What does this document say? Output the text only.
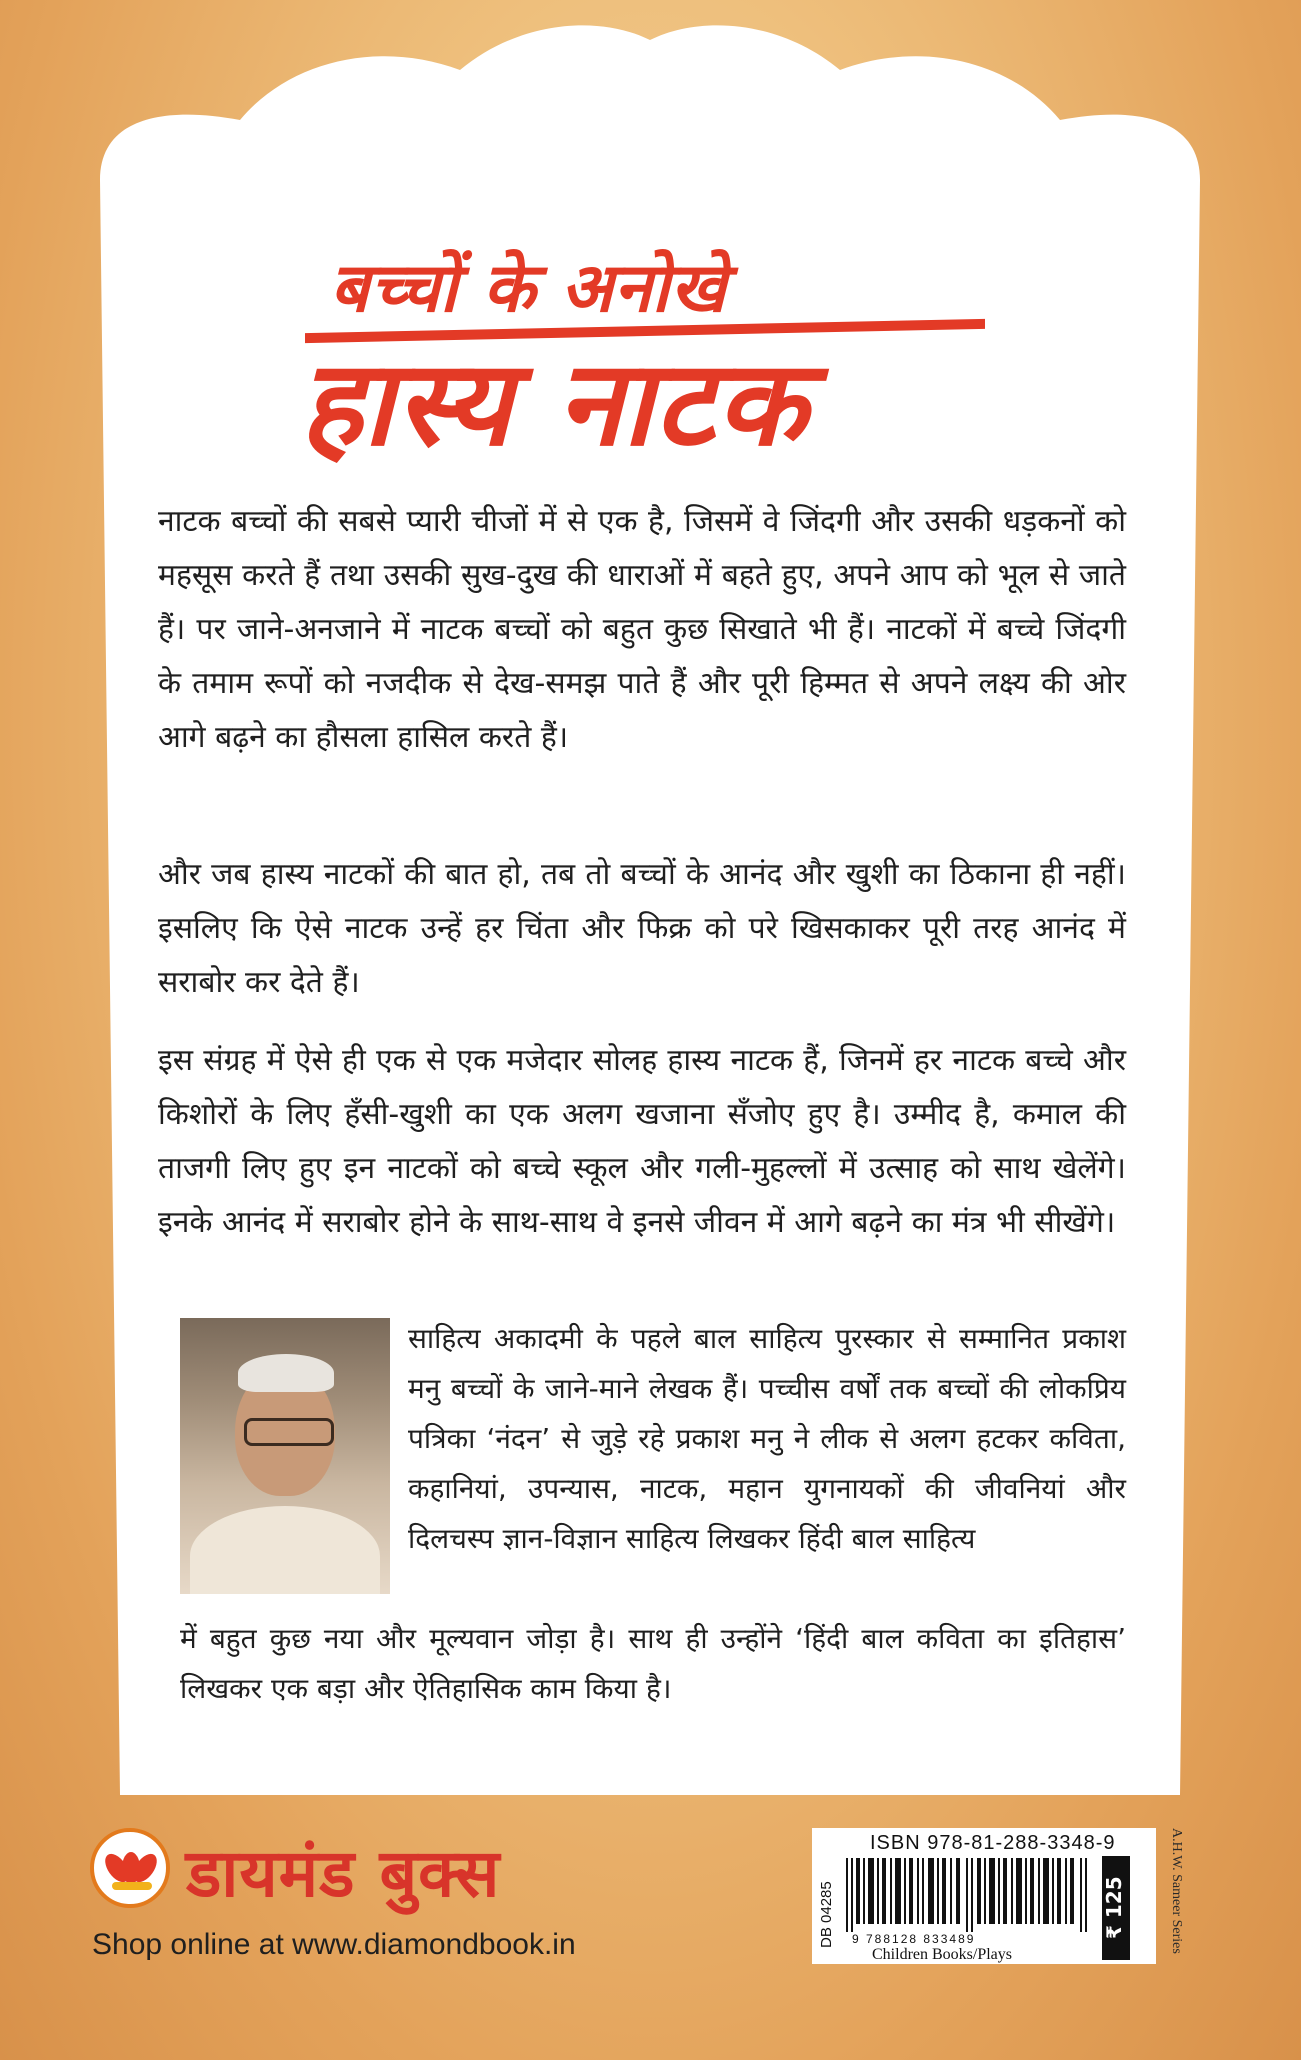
बच्चों के अनोखे
हास्य नाटक

नाटक बच्चों की सबसे प्यारी चीजों में से एक है, जिसमें वे जिंदगी और उसकी धड़कनों को महसूस करते हैं तथा उसकी सुख-दुख की धाराओं में बहते हुए, अपने आप को भूल से जाते हैं। पर जाने-अनजाने में नाटक बच्चों को बहुत कुछ सिखाते भी हैं। नाटकों में बच्चे जिंदगी के तमाम रूपों को नजदीक से देख-समझ पाते हैं और पूरी हिम्मत से अपने लक्ष्य की ओर आगे बढ़ने का हौसला हासिल करते हैं।

और जब हास्य नाटकों की बात हो, तब तो बच्चों के आनंद और खुशी का ठिकाना ही नहीं। इसलिए कि ऐसे नाटक उन्हें हर चिंता और फिक्र को परे खिसकाकर पूरी तरह आनंद में सराबोर कर देते हैं।

इस संग्रह में ऐसे ही एक से एक मजेदार सोलह हास्य नाटक हैं, जिनमें हर नाटक बच्चे और किशोरों के लिए हँसी-खुशी का एक अलग खजाना सँजोए हुए है। उम्मीद है, कमाल की ताजगी लिए हुए इन नाटकों को बच्चे स्कूल और गली-मुहल्लों में उत्साह को साथ खेलेंगे। इनके आनंद में सराबोर होने के साथ-साथ वे इनसे जीवन में आगे बढ़ने का मंत्र भी सीखेंगे।

साहित्य अकादमी के पहले बाल साहित्य पुरस्कार से सम्मानित प्रकाश मनु बच्चों के जाने-माने लेखक हैं। पच्चीस वर्षों तक बच्चों की लोकप्रिय पत्रिका ‘नंदन’ से जुड़े रहे प्रकाश मनु ने लीक से अलग हटकर कविता, कहानियां, उपन्यास, नाटक, महान युगनायकों की जीवनियां और दिलचस्प ज्ञान-विज्ञान साहित्य लिखकर हिंदी बाल साहित्य

में बहुत कुछ नया और मूल्यवान जोड़ा है। साथ ही उन्होंने ‘हिंदी बाल कविता का इतिहास’ लिखकर एक बड़ा और ऐतिहासिक काम किया है।

डायमंड बुक्स
Shop online at www.diamondbook.in
ISBN 978-81-288-3348-9
DB 04285 9 788128 833489
Children Books/Plays
₹ 125	A.H.W. Sameer Series
